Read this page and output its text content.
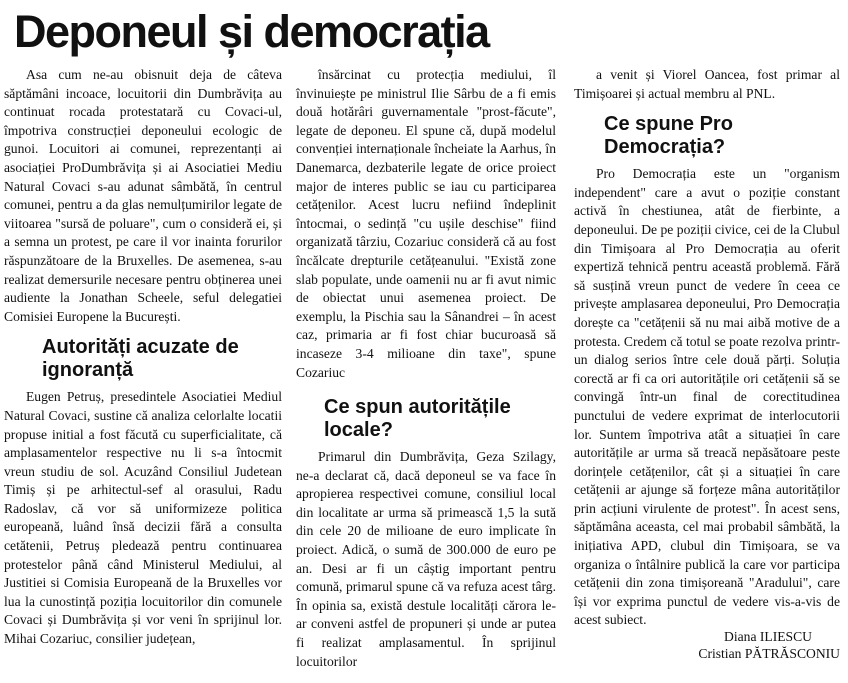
Deponeul și democrația

Asa cum ne-au obisnuit deja de câteva săptămâni incoace, locuitorii din Dumbrăvița au continuat rocada protestatară cu Covaci-ul, împotriva construcției deponeului ecologic de gunoi. Locuitori ai comunei, reprezentanți ai asociației ProDumbrăvița și ai Asociatiei Mediu Natural Covaci s-au adunat sâmbătă, în centrul comunei, pentru a da glas nemulțumirilor legate de viitoarea "sursă de poluare", cum o consideră ei, și a semna un protest, pe care il vor inainta forurilor răspunzătoare de la Bruxelles. De asemenea, s-au realizat demersurile necesare pentru obținerea unei audiente la Jonathan Scheele, seful delegatiei Comisiei Europene la București.

Autorități acuzate de ignoranță

Eugen Petruș, presedintele Asociatiei Mediul Natural Covaci, sustine că analiza celorlalte locatii propuse initial a fost făcută cu superficialitate, că amplasamentelor respective nu li s-a întocmit vreun studiu de sol. Acuzând Consiliul Judetean Timiș și pe arhitectul-sef al orasului, Radu Radoslav, că vor să uniformizeze politica europeană, luând însă decizii fără a consulta cetătenii, Petruș pledează pentru continuarea protestelor până când Ministerul Mediului, al Justitiei si Comisia Europeană de la Bruxelles vor lua la cunostință poziția locuitorilor din comunele Covaci și Dumbrăvița și vor veni în sprijinul lor. Mihai Cozariuc, consilier județean,

însărcinat cu protecția mediului, îl învinuiește pe ministrul Ilie Sârbu de a fi emis două hotărâri guvernamentale "prost-făcute", legate de deponeu. El spune că, după modelul convenției internaționale încheiate la Aarhus, în Danemarca, dezbaterile legate de orice proiect major de interes public se iau cu participarea cetățenilor. Acest lucru nefiind îndeplinit întocmai, o sedință "cu ușile deschise" fiind organizată târziu, Cozariuc consideră că au fost încălcate drepturile cetățeanului. "Există zone slab populate, unde oamenii nu ar fi avut nimic de obiectat unui asemenea proiect. De exemplu, la Pischia sau la Sânandrei – în acest caz, primaria ar fi fost chiar bucuroasă să incaseze 3-4 milioane din taxe", spune Cozariuc

Ce spun autoritățile locale?

Primarul din Dumbrăvița, Geza Szilagy, ne-a declarat că, dacă deponeul se va face în apropierea respectivei comune, consiliul local din localitate ar urma să primească 1,5 la sută din cele 20 de milioane de euro implicate în proiect. Adică, o sumă de 300.000 de euro pe an. Desi ar fi un câștig important pentru comună, primarul spune că va refuza acest târg. În opinia sa, există destule localități cărora le-ar conveni astfel de propuneri și unde ar putea fi realizat amplasamentul. În sprijinul locuitorilor

a venit și Viorel Oancea, fost primar al Timișoarei și actual membru al PNL.

Ce spune Pro Democrația?

Pro Democrația este un "organism independent" care a avut o poziție constant activă în chestiunea, atât de fierbinte, a deponeului. De pe poziții civice, cei de la Clubul din Timișoara al Pro Democrația au oferit expertiză tehnică pentru această problemă. Fără să susțină vreun punct de vedere în ceea ce privește amplasarea deponeului, Pro Democrația dorește ca "cetățenii să nu mai aibă motive de a protesta. Credem că totul se poate rezolva printr-un dialog serios între cele două părți. Soluția corectă ar fi ca ori autoritățile ori cetățenii să se convingă într-un final de corectitudinea punctului de vedere exprimat de interlocutorii lor. Suntem împotriva atât a situației în care autoritățile ar urma să treacă nepăsătoare peste dorințele cetățenilor, cât și a situației în care cetățenii ar ajunge să forțeze mâna autorităților prin acțiuni virulente de protest". În acest sens, săptămâna aceasta, cel mai probabil sâmbătă, la inițiativa APD, clubul din Timișoara, se va organiza o întâlnire publică la care vor participa cetățenii din zona timișoreană "Aradului", care își vor exprima punctul de vedere vis-a-vis de acest subiect.

Diana ILIESCU
Cristian PĂTRĂSCONIU
